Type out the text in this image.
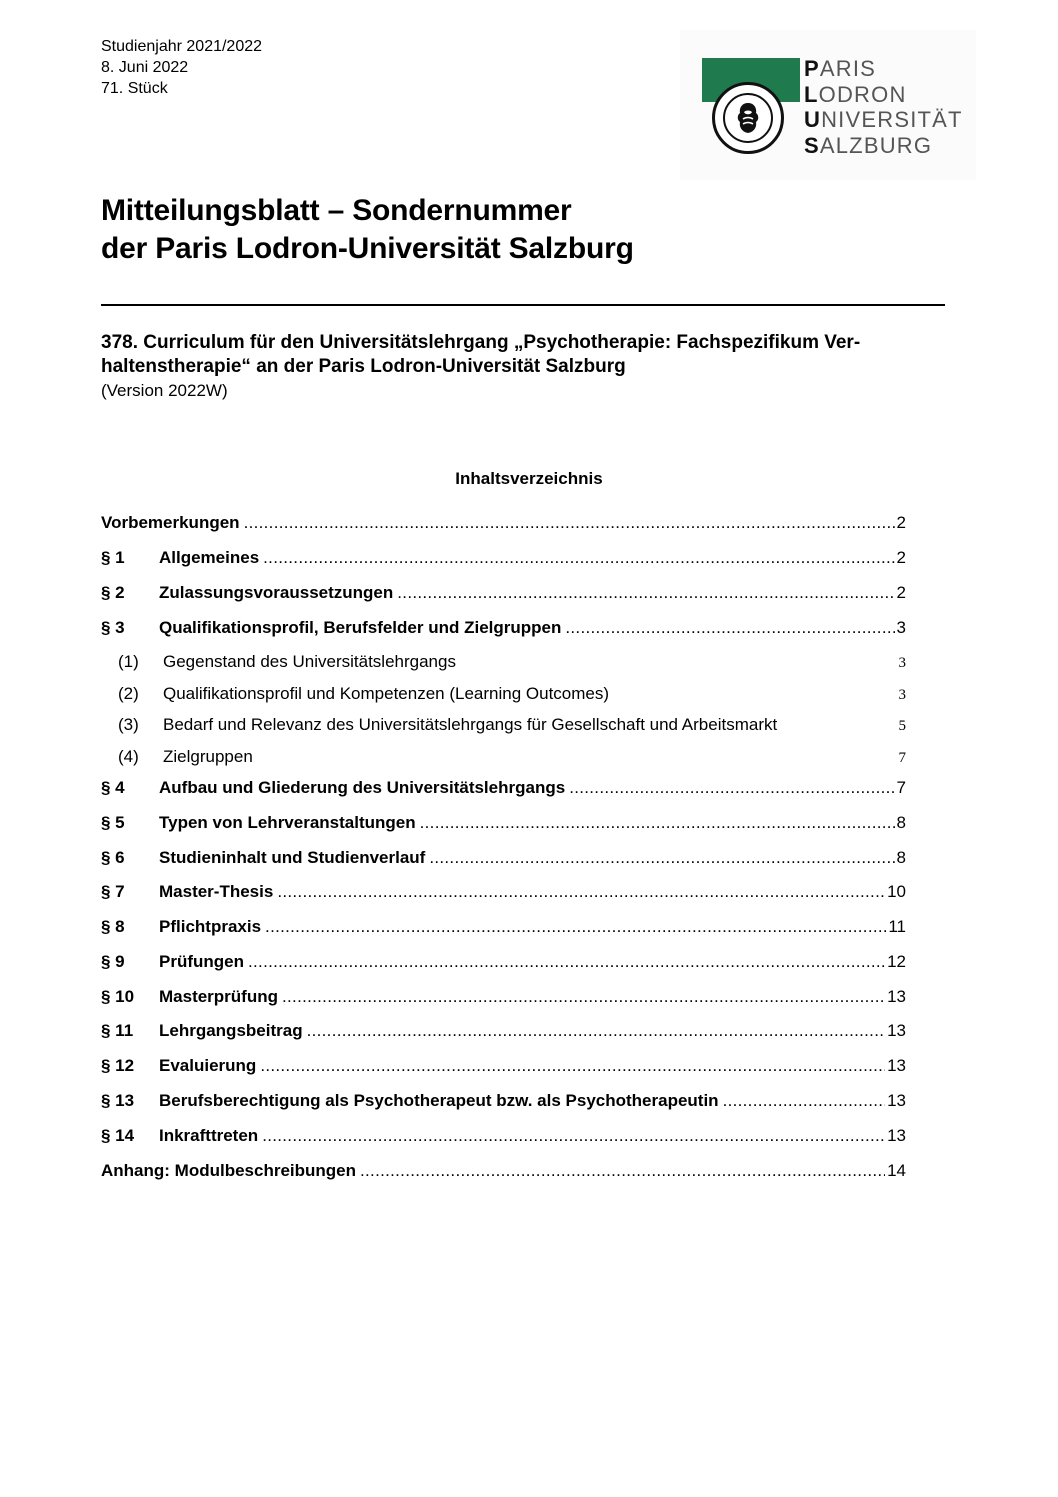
Studienjahr 2021/2022
8. Juni 2022
71. Stück
PARIS
LODRON
UNIVERSITÄT
SALZBURG
Mitteilungsblatt – Sondernummer
der Paris Lodron-Universität Salzburg
378. Curriculum für den Universitätslehrgang „Psychotherapie: Fachspezifikum Ver-
haltenstherapie“ an der Paris Lodron-Universität Salzburg
(Version 2022W)
Inhaltsverzeichnis
Vorbemerkungen .....	2
§ 1	Allgemeines .....	2
§ 2	Zulassungsvoraussetzungen .....	2
§ 3	Qualifikationsprofil, Berufsfelder und Zielgruppen .....	3
(1)	Gegenstand des Universitätslehrgangs	3
(2)	Qualifikationsprofil und Kompetenzen (Learning Outcomes)	3
(3)	Bedarf und Relevanz des Universitätslehrgangs für Gesellschaft und Arbeitsmarkt	5
(4)	Zielgruppen	7
§ 4	Aufbau und Gliederung des Universitätslehrgangs .....	7
§ 5	Typen von Lehrveranstaltungen .....	8
§ 6	Studieninhalt und Studienverlauf .....	8
§ 7	Master-Thesis .....	10
§ 8	Pflichtpraxis .....	11
§ 9	Prüfungen .....	12
§ 10	Masterprüfung .....	13
§ 11	Lehrgangsbeitrag .....	13
§ 12	Evaluierung .....	13
§ 13	Berufsberechtigung als Psychotherapeut bzw. als Psychotherapeutin .....	13
§ 14	Inkrafttreten .....	13
Anhang: Modulbeschreibungen .....	14
